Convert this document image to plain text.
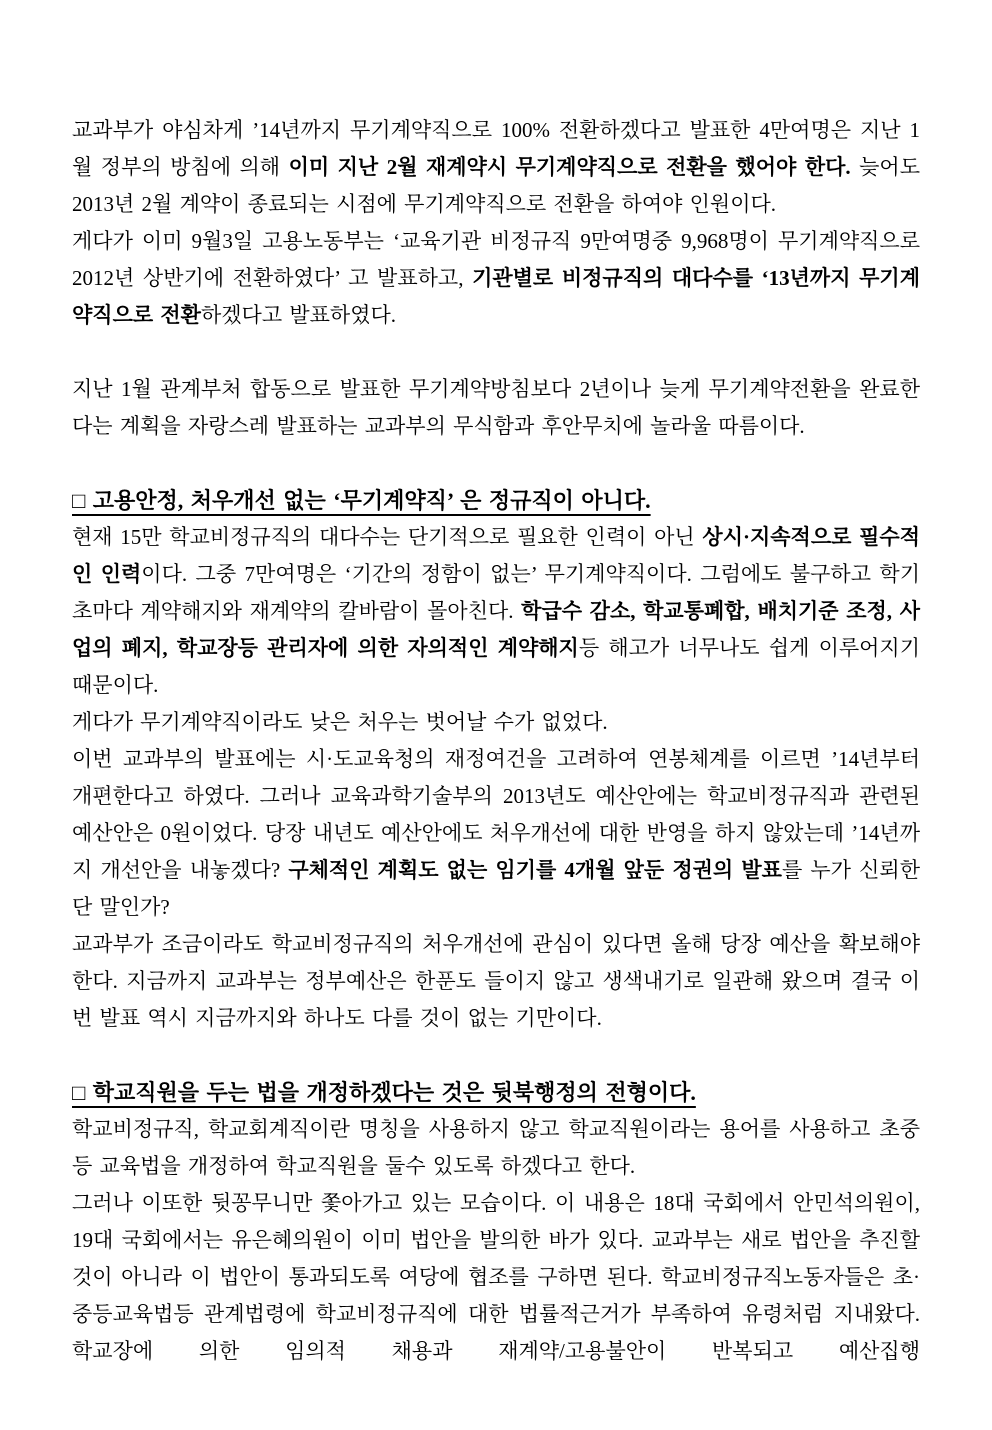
교과부가 야심차게 ’14년까지 무기계약직으로 100% 전환하겠다고 발표한 4만여명은 지난 1월 정부의 방침에 의해 이미 지난 2월 재계약시 무기계약직으로 전환을 했어야 한다. 늦어도 2013년 2월 계약이 종료되는 시점에 무기계약직으로 전환을 하여야 인원이다.

게다가 이미 9월3일 고용노동부는 ‘교육기관 비정규직 9만여명중 9,968명이 무기계약직으로 2012년 상반기에 전환하였다’ 고 발표하고, 기관별로 비정규직의 대다수를 ‘13년까지 무기계약직으로 전환하겠다고 발표하였다.

지난 1월 관계부처 합동으로 발표한 무기계약방침보다 2년이나 늦게 무기계약전환을 완료한다는 계획을 자랑스레 발표하는 교과부의 무식함과 후안무치에 놀라울 따름이다.

□ 고용안정, 처우개선 없는 ‘무기계약직’ 은 정규직이 아니다.

현재 15만 학교비정규직의 대다수는 단기적으로 필요한 인력이 아닌 상시·지속적으로 필수적인 인력이다. 그중 7만여명은 ‘기간의 정함이 없는’ 무기계약직이다. 그럼에도 불구하고 학기초마다 계약해지와 재계약의 칼바람이 몰아친다. 학급수 감소, 학교통폐합, 배치기준 조정, 사업의 폐지, 학교장등 관리자에 의한 자의적인 계약해지등 해고가 너무나도 쉽게 이루어지기 때문이다.

게다가 무기계약직이라도 낮은 처우는 벗어날 수가 없었다.

이번 교과부의 발표에는 시·도교육청의 재정여건을 고려하여 연봉체계를 이르면 ’14년부터 개편한다고 하였다. 그러나 교육과학기술부의 2013년도 예산안에는 학교비정규직과 관련된 예산안은 0원이었다. 당장 내년도 예산안에도 처우개선에 대한 반영을 하지 않았는데 ’14년까지 개선안을 내놓겠다? 구체적인 계획도 없는 임기를 4개월 앞둔 정권의 발표를 누가 신뢰한단 말인가?

교과부가 조금이라도 학교비정규직의 처우개선에 관심이 있다면 올해 당장 예산을 확보해야 한다. 지금까지 교과부는 정부예산은 한푼도 들이지 않고 생색내기로 일관해 왔으며 결국 이번 발표 역시 지금까지와 하나도 다를 것이 없는 기만이다.

□ 학교직원을 두는 법을 개정하겠다는 것은 뒷북행정의 전형이다.

학교비정규직, 학교회계직이란 명칭을 사용하지 않고 학교직원이라는 용어를 사용하고 초중등 교육법을 개정하여 학교직원을 둘수 있도록 하겠다고 한다.

그러나 이또한 뒷꽁무니만 쫓아가고 있는 모습이다. 이 내용은 18대 국회에서 안민석의원이, 19대 국회에서는 유은혜의원이 이미 법안을 발의한 바가 있다. 교과부는 새로 법안을 추진할 것이 아니라 이 법안이 통과되도록 여당에 협조를 구하면 된다. 학교비정규직노동자들은 초·중등교육법등 관계법령에 학교비정규직에 대한 법률적근거가 부족하여 유령처럼 지내왔다. 학교장에 의한 임의적 채용과 재계약/고용불안이 반복되고 예산집행
